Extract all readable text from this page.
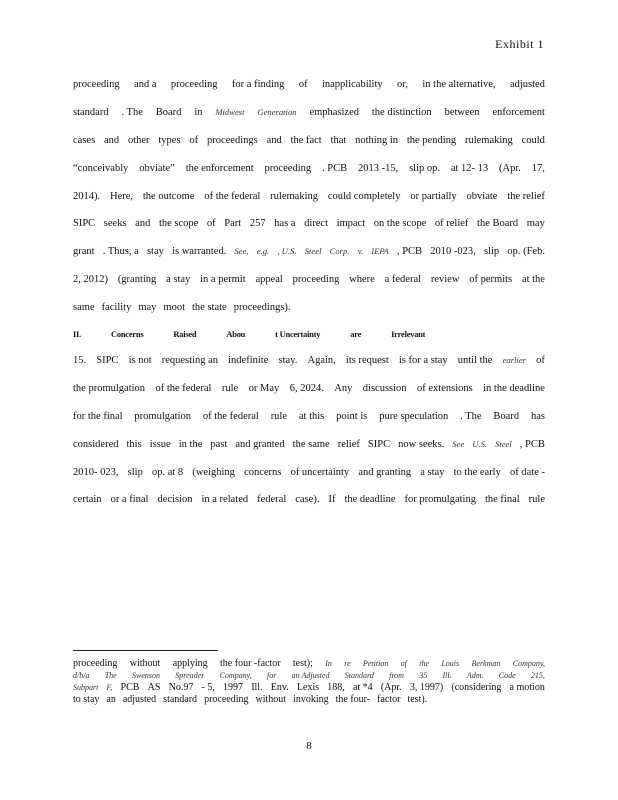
Exhibit 1
proceeding and a proceeding for a finding of inapplicability or, in the alternative, adjusted
standard . The Board in Midwest Generation emphasized the distinction between enforcement
cases and other types of proceedings and the fact that nothing in the pending rulemaking could
“conceivably obviate” the enforcement proceeding . PCB 2013 -15, slip op. at 12- 13 (Apr. 17,
2014). Here, the outcome of the federal rulemaking could completely or partially obviate the relief
SIPC seeks and the scope of Part 257 has a direct impact on the scope of relief the Board may
grant . Thus, a stay is warranted. See, e.g. , U.S. Steel Corp. v. IEPA , PCB 2010 -023, slip op. (Feb.
2, 2012) (granting a stay in a permit appeal proceeding where a federal review of permits at the
same facility may moot the state proceedings).
II.	Concerns	Raised	Abou	t Uncertainty	are	Irrelevant
15. SIPC is not requesting an indefinite stay. Again, its request is for a stay until the earlier of
the promulgation of the federal rule or May 6, 2024. Any discussion of extensions in the deadline
for the final promulgation of the federal rule at this point is pure speculation . The Board has
considered this issue in the past and granted the same relief SIPC now seeks. See U.S. Steel , PCB
2010- 023, slip op. at 8 (weighing concerns of uncertainty and granting a stay to the early of date -
certain or a final decision in a related federal case). If the deadline for promulgating the final rule
proceeding without applying the four -factor test); In re Petition of the Louis Berkman Company,
d/b/a The Swenson Spreader Company, for an Adjusted Standard from 35 Ill. Adm. Code 215,
Subpart F, PCB AS No.97 - 5, 1997 Ill. Env. Lexis 188, at *4 (Apr. 3, 1997) (considering a motion
to stay an adjusted standard proceeding without invoking the four- factor test).
8
